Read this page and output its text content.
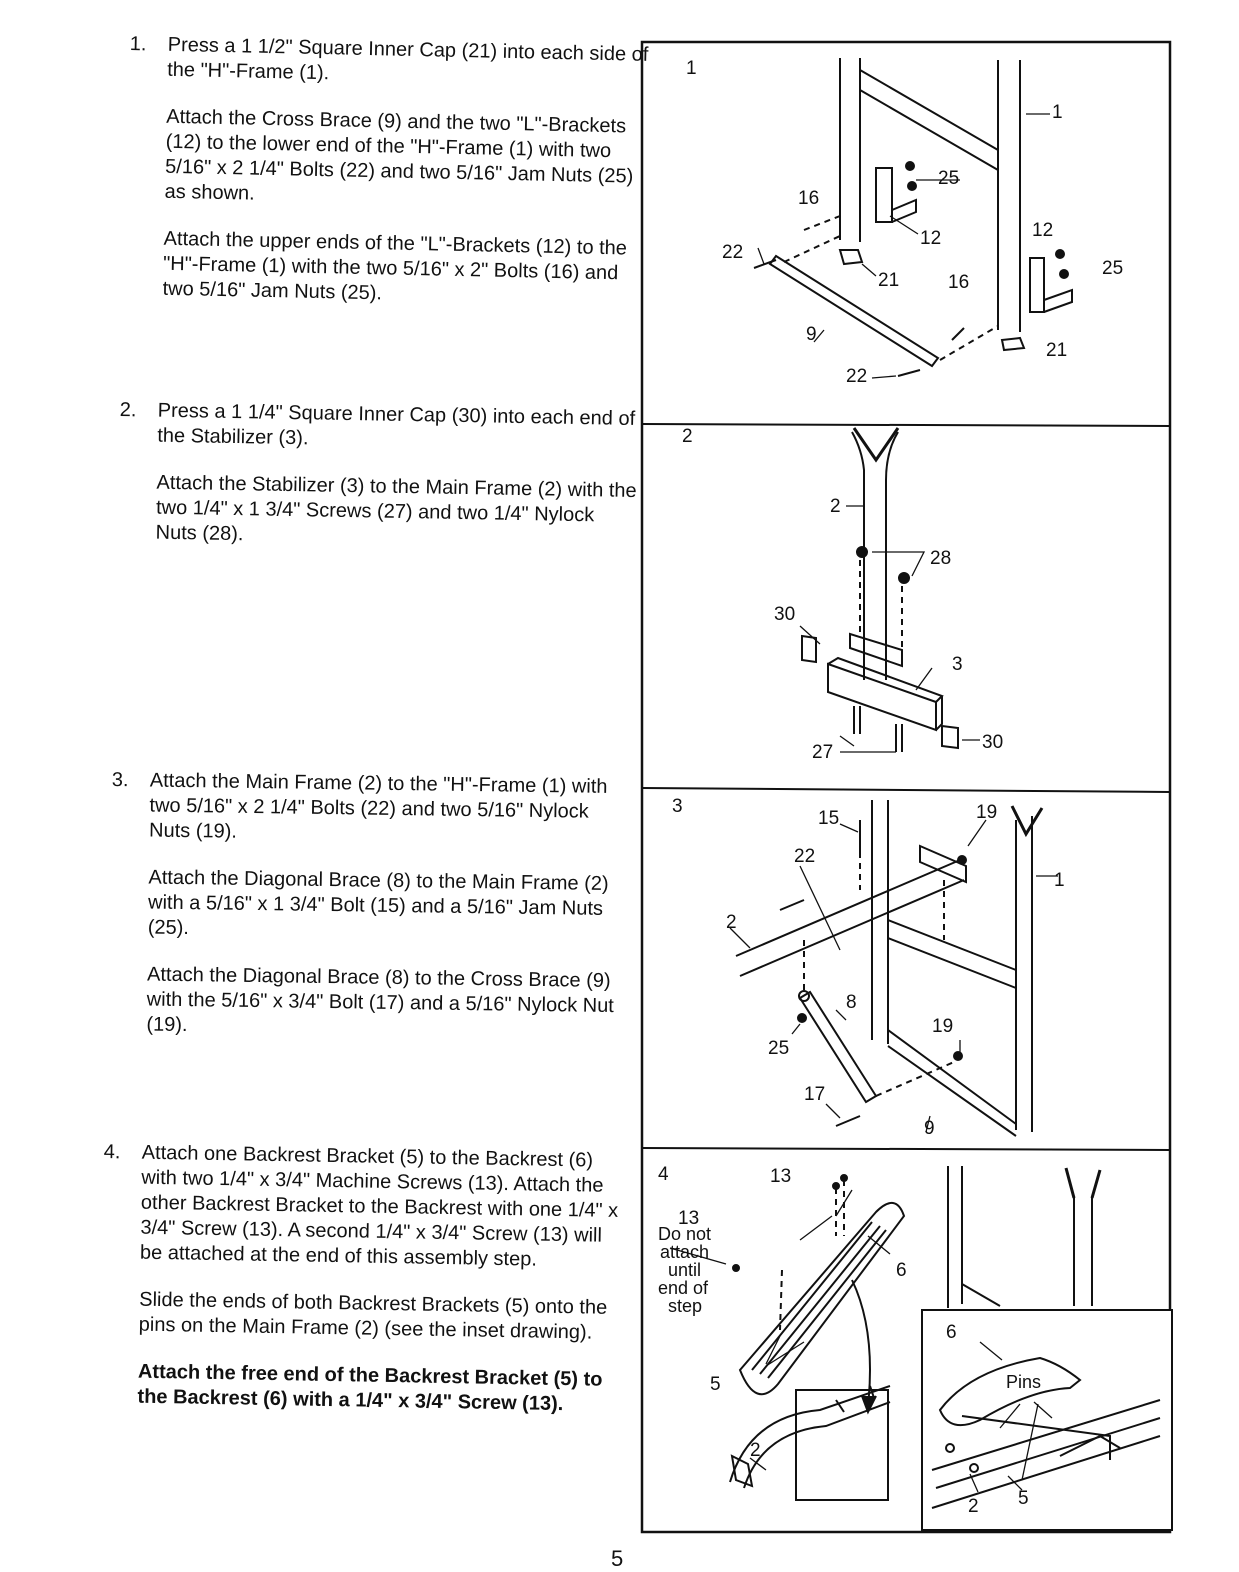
1. Press a 1 1/2" Square Inner Cap (21) into each side of the "H"-Frame (1).

Attach the Cross Brace (9) and the two "L"-Brackets (12) to the lower end of the "H"-Frame (1) with two 5/16" x 2 1/4" Bolts (22) and two 5/16" Jam Nuts (25) as shown.

Attach the upper ends of the "L"-Brackets (12) to the "H"-Frame (1) with the two 5/16" x 2" Bolts (16) and two 5/16" Jam Nuts (25).

2. Press a 1 1/4" Square Inner Cap (30) into each end of the Stabilizer (3).

Attach the Stabilizer (3) to the Main Frame (2) with the two 1/4" x 1 3/4" Screws (27) and two 1/4" Nylock Nuts (28).

3. Attach the Main Frame (2) to the "H"-Frame (1) with two 5/16" x 2 1/4" Bolts (22) and two 5/16" Nylock Nuts (19).

Attach the Diagonal Brace (8) to the Main Frame (2) with a 5/16" x 1 3/4" Bolt (15) and a 5/16" Jam Nuts (25).

Attach the Diagonal Brace (8) to the Cross Brace (9) with the 5/16" x 3/4" Bolt (17) and a 5/16" Nylock Nut (19).

4. Attach one Backrest Bracket (5) to the Backrest (6) with two 1/4" x 3/4" Machine Screws (13). Attach the other Backrest Bracket to the Backrest with one 1/4" x 3/4" Screw (13). A second 1/4" x 3/4" Screw (13) will be attached at the end of this assembly step.

Slide the ends of both Backrest Brackets (5) onto the pins on the Main Frame (2) (see the inset drawing).

Attach the free end of the Backrest Bracket (5) to the Backrest (6) with a 1/4" x 3/4" Screw (13).

1
1
25
16
12	12
25
22
21	16
9
21
22
2
2
28
30
3
27	30
3
15	19
22
1
2
8
19
25
17
9
4	13
13
Do not
attach
until
end of
step
6
5
2
6
Pins
2 5
5
